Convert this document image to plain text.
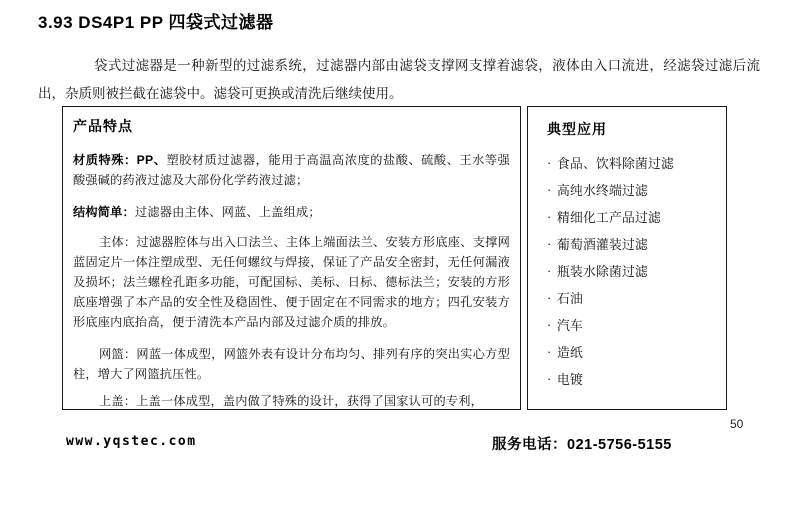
3.93 DS4P1 PP 四袋式过滤器
袋式过滤器是一种新型的过滤系统，过滤器内部由滤袋支撑网支撑着滤袋，液体由入口流进，经滤袋过滤后流出，杂质则被拦截在滤袋中。滤袋可更换或清洗后继续使用。
产品特点

材质特殊：PP、塑胶材质过滤器，能用于高温高浓度的盐酸、硫酸、王水等强酸强碱的药液过滤及大部份化学药液过滤；

结构简单：过滤器由主体、网蓝、上盖组成；

主体：过滤器腔体与出入口法兰、主体上端面法兰、安装方形底座、支撑网蓝固定片一体注塑成型、无任何螺纹与焊接，保证了产品安全密封，无任何漏液及损坏；法兰螺栓孔距多功能，可配国标、美标、日标、德标法兰；安装的方形底座增强了本产品的安全性及稳固性、便于固定在不同需求的地方；四孔安装方形底座内底抬高，便于清洗本产品内部及过滤介质的排放。

网篮：网蓝一体成型，网篮外表有设计分布均匀、排列有序的突出实心方型柱，增大了网篮抗压性。

上盖：上盖一体成型，盖内做了特殊的设计，获得了国家认可的专利，

典型应用
· 食品、饮料除菌过滤
· 高纯水终端过滤
· 精细化工产品过滤
· 葡萄酒灌装过滤
· 瓶装水除菌过滤
· 石油
· 汽车
· 造纸
· 电镀
50
www.yqstec.com	服务电话：021-5756-5155
